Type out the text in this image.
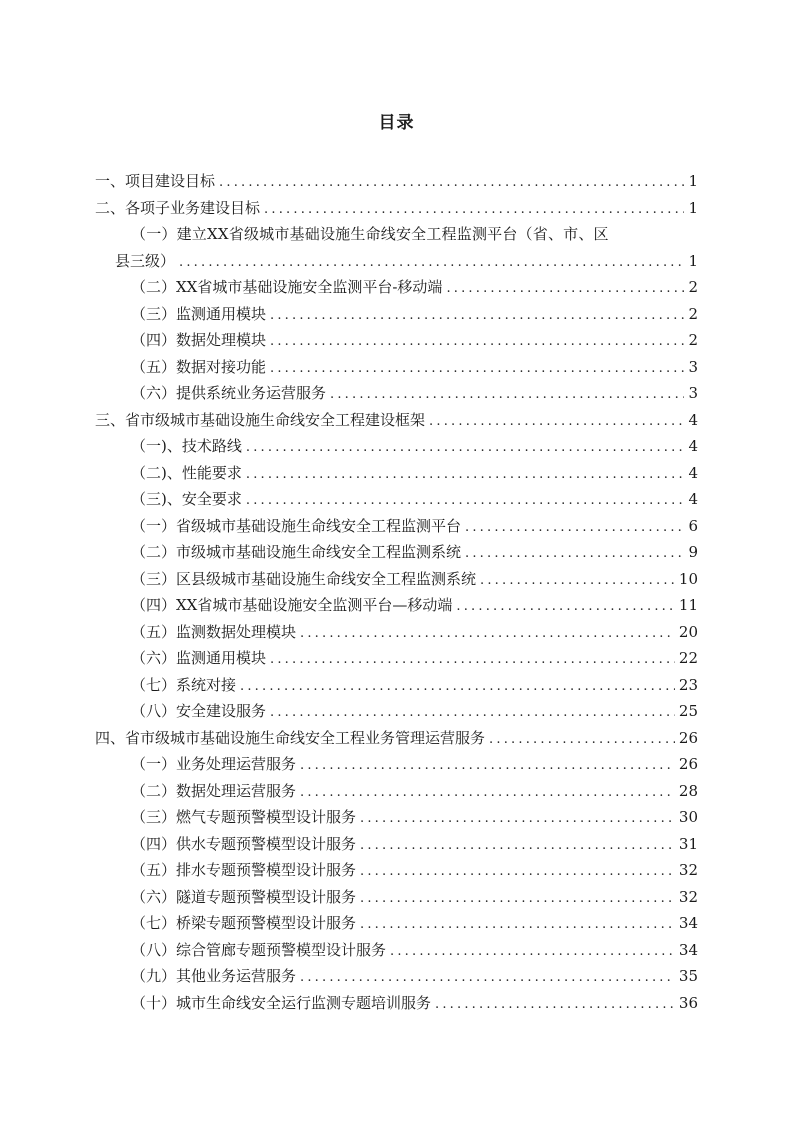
目录
一、 项目建设目标 .....	1
二、 各项子业务建设目标 .....	1
（一）建立XX省级城市基础设施生命线安全工程监测平台（省、市、区
县三级） .....	1
（二）XX省城市基础设施安全监测平台-移动端 .....	2
（三）监测通用模块 .....	2
（四）数据处理模块 .....	2
（五）数据对接功能 .....	3
（六）提供系统业务运营服务 .....	3
三、 省市级城市基础设施生命线安全工程建设框架 .....	4
（一)、技术路线 .....	4
（二)、性能要求 .....	4
（三)、安全要求 .....	4
（一）省级城市基础设施生命线安全工程监测平台 .....	6
（二）市级城市基础设施生命线安全工程监测系统 .....	9
（三）区县级城市基础设施生命线安全工程监测系统 .....	10
（四）XX省城市基础设施安全监测平台—移动端 .....	11
（五）监测数据处理模块 .....	20
（六）监测通用模块 .....	22
（七）系统对接 .....	23
（八）安全建设服务 .....	25
四、 省市级城市基础设施生命线安全工程业务管理运营服务 .....	26
（一）业务处理运营服务 .....	26
（二）数据处理运营服务 .....	28
（三）燃气专题预警模型设计服务 .....	30
（四）供水专题预警模型设计服务 .....	31
（五）排水专题预警模型设计服务 .....	32
（六）隧道专题预警模型设计服务 .....	32
（七）桥梁专题预警模型设计服务 .....	34
（八）综合管廊专题预警模型设计服务 .....	34
（九）其他业务运营服务 .....	35
（十）城市生命线安全运行监测专题培训服务 .....	36
